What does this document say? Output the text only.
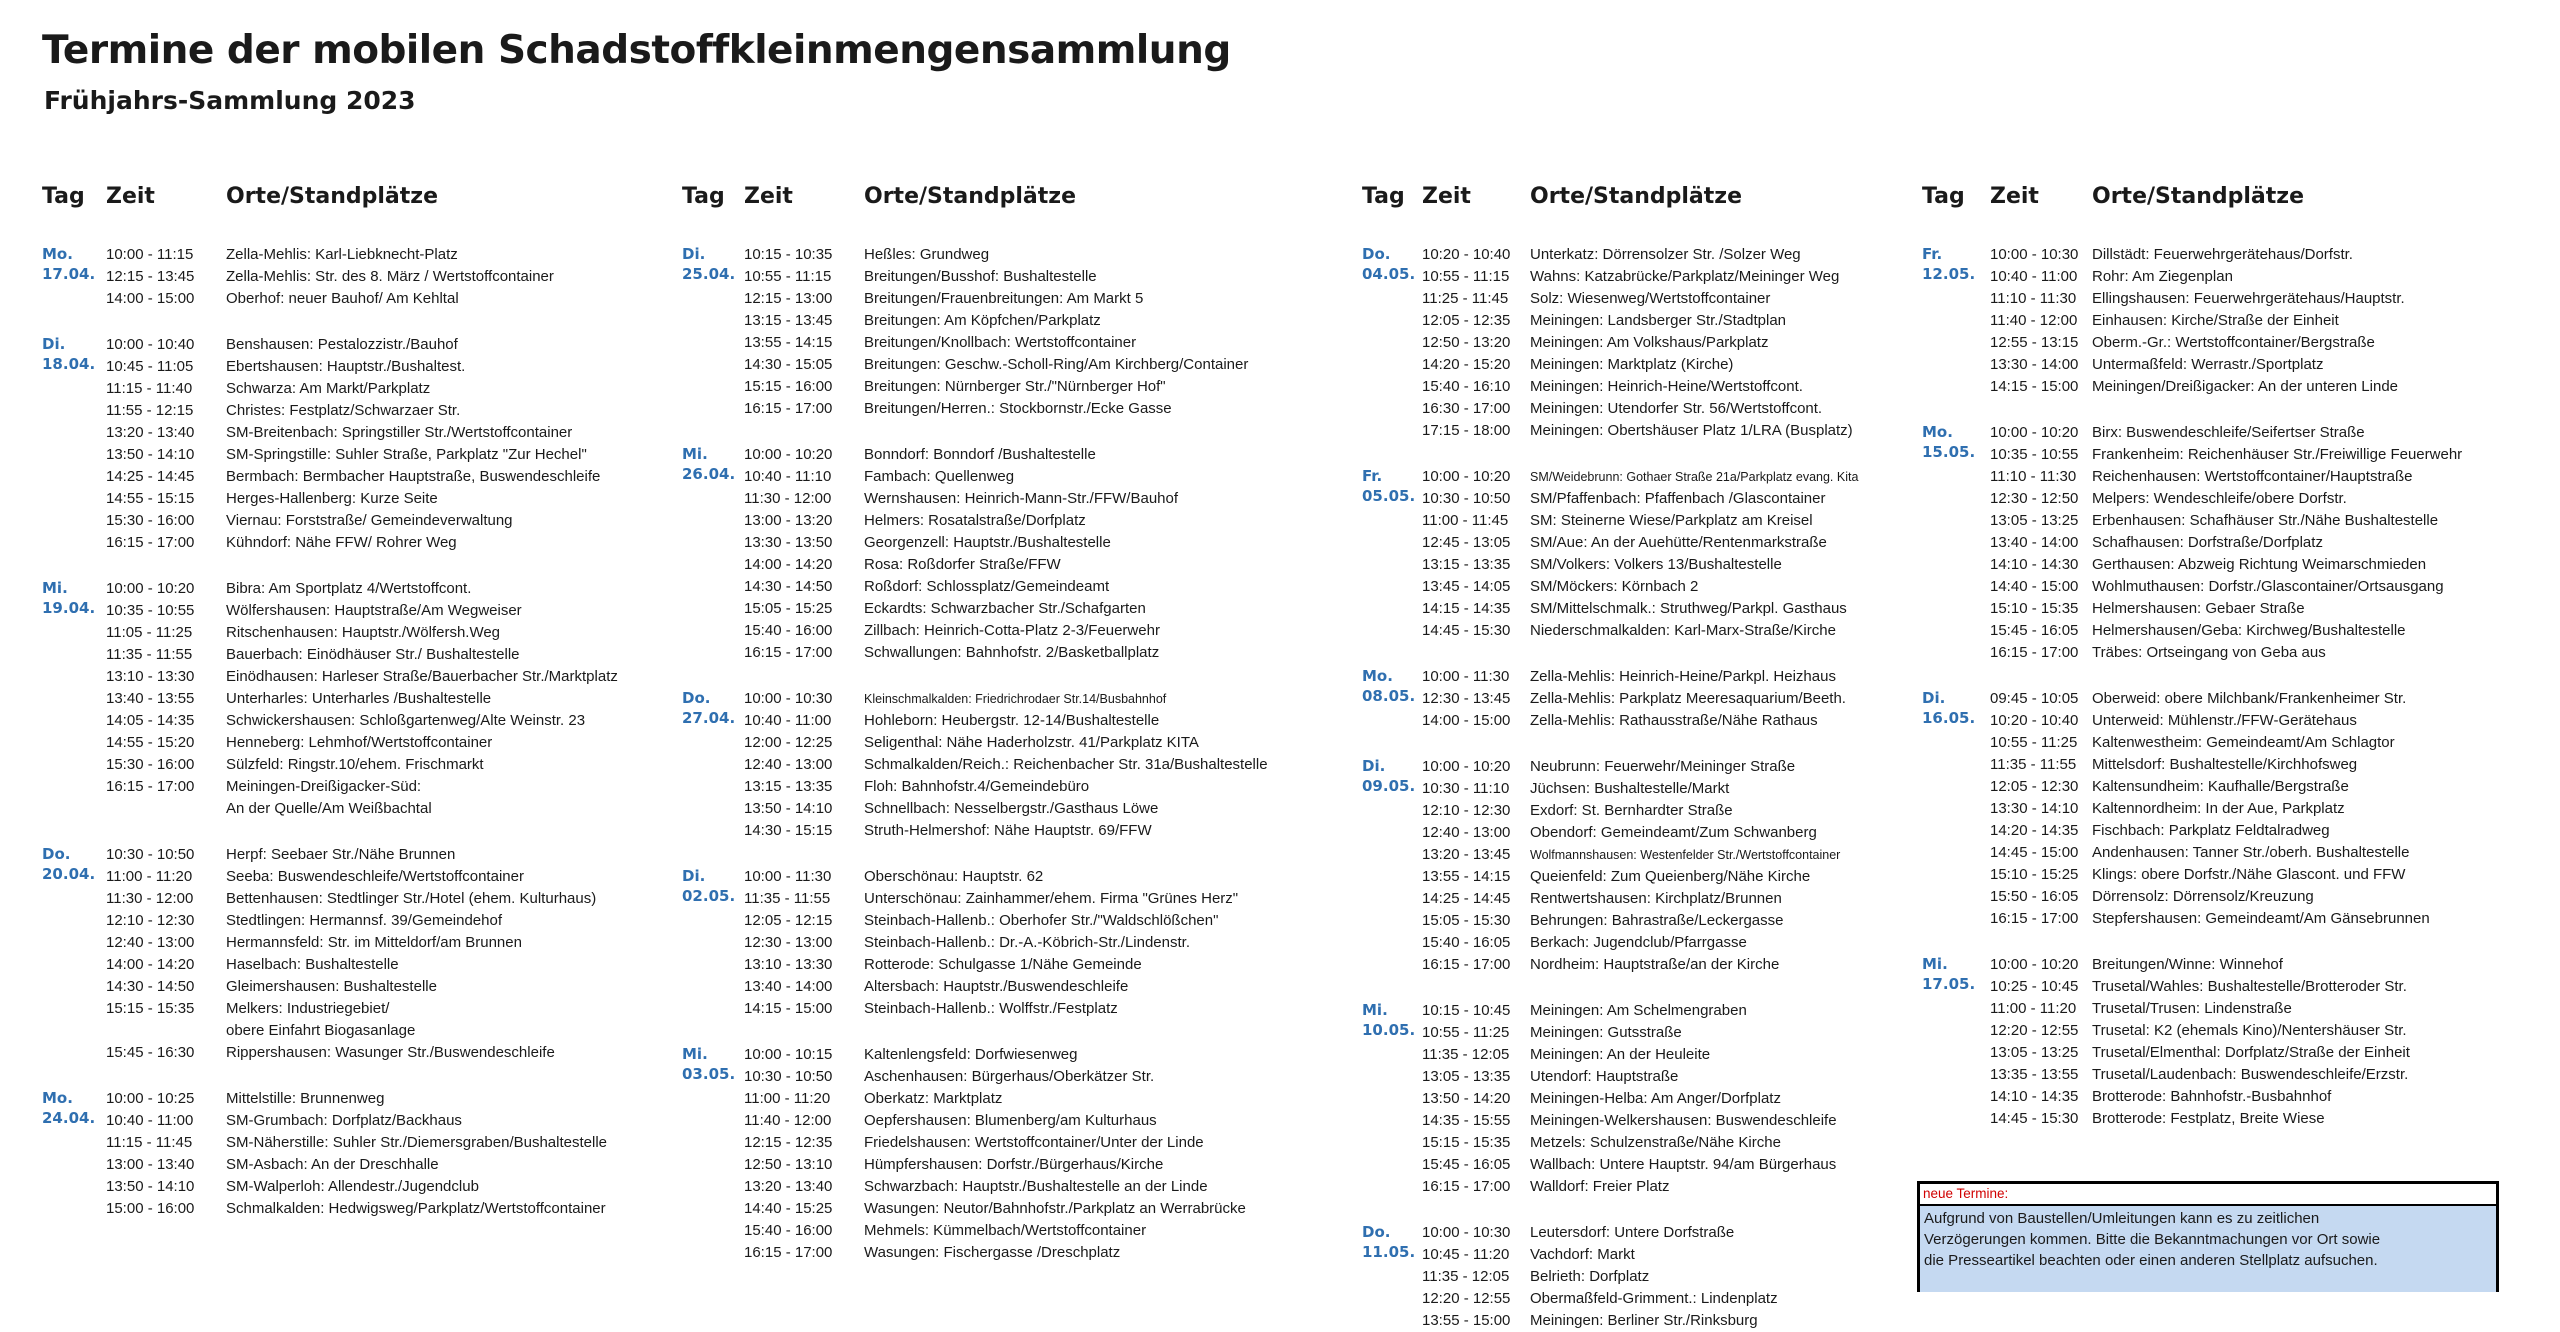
Termine der mobilen Schadstoffkleinmengensammlung
Frühjahrs-Sammlung 2023
Tag Zeit	Orte/Standplätze
Mo.
17.04.
10:00 - 11:15 Zella-Mehlis: Karl-Liebknecht-Platz
12:15 - 13:45 Zella-Mehlis: Str. des 8. März / Wertstoffcontainer
14:00 - 15:00 Oberhof: neuer Bauhof/ Am Kehltal
Di.
18.04.
10:00 - 10:40 Benshausen: Pestalozzistr./Bauhof
10:45 - 11:05 Ebertshausen: Hauptstr./Bushaltest.
11:15 - 11:40 Schwarza: Am Markt/Parkplatz
11:55 - 12:15 Christes: Festplatz/Schwarzaer Str.
13:20 - 13:40 SM-Breitenbach: Springstiller Str./Wertstoffcontainer
13:50 - 14:10 SM-Springstille: Suhler Straße, Parkplatz "Zur Hechel"
14:25 - 14:45 Bermbach: Bermbacher Hauptstraße, Buswendeschleife
14:55 - 15:15 Herges-Hallenberg: Kurze Seite
15:30 - 16:00 Viernau: Forststraße/ Gemeindeverwaltung
16:15 - 17:00 Kühndorf: Nähe FFW/ Rohrer Weg
Mi.
19.04.
10:00 - 10:20 Bibra: Am Sportplatz 4/Wertstoffcont.
10:35 - 10:55 Wölfershausen: Hauptstraße/Am Wegweiser
11:05 - 11:25 Ritschenhausen: Hauptstr./Wölfersh.Weg
11:35 - 11:55 Bauerbach: Einödhäuser Str./ Bushaltestelle
13:10 - 13:30 Einödhausen: Harleser Straße/Bauerbacher Str./Marktplatz
13:40 - 13:55 Unterharles: Unterharles /Bushaltestelle
14:05 - 14:35 Schwickershausen: Schloßgartenweg/Alte Weinstr. 23
14:55 - 15:20 Henneberg: Lehmhof/Wertstoffcontainer
15:30 - 16:00 Sülzfeld: Ringstr.10/ehem. Frischmarkt
16:15 - 17:00 Meiningen-Dreißigacker-Süd:
An der Quelle/Am Weißbachtal
Do.
20.04.
10:30 - 10:50 Herpf: Seebaer Str./Nähe Brunnen
11:00 - 11:20 Seeba: Buswendeschleife/Wertstoffcontainer
11:30 - 12:00 Bettenhausen: Stedtlinger Str./Hotel (ehem. Kulturhaus)
12:10 - 12:30 Stedtlingen: Hermannsf. 39/Gemeindehof
12:40 - 13:00 Hermannsfeld: Str. im Mitteldorf/am Brunnen
14:00 - 14:20 Haselbach: Bushaltestelle
14:30 - 14:50 Gleimershausen: Bushaltestelle
15:15 - 15:35 Melkers: Industriegebiet/
obere Einfahrt Biogasanlage
15:45 - 16:30 Rippershausen: Wasunger Str./Buswendeschleife
Mo.
24.04.
10:00 - 10:25 Mittelstille: Brunnenweg
10:40 - 11:00 SM-Grumbach: Dorfplatz/Backhaus
11:15 - 11:45 SM-Näherstille: Suhler Str./Diemersgraben/Bushaltestelle
13:00 - 13:40 SM-Asbach: An der Dreschhalle
13:50 - 14:10 SM-Walperloh: Allendestr./Jugendclub
15:00 - 16:00 Schmalkalden: Hedwigsweg/Parkplatz/Wertstoffcontainer
Tag Zeit	Orte/Standplätze
Di.
25.04.
10:15 - 10:35 Heßles: Grundweg
10:55 - 11:15 Breitungen/Busshof: Bushaltestelle
12:15 - 13:00 Breitungen/Frauenbreitungen: Am Markt 5
13:15 - 13:45 Breitungen: Am Köpfchen/Parkplatz
13:55 - 14:15 Breitungen/Knollbach: Wertstoffcontainer
14:30 - 15:05 Breitungen: Geschw.-Scholl-Ring/Am Kirchberg/Container
15:15 - 16:00 Breitungen: Nürnberger Str./"Nürnberger Hof"
16:15 - 17:00 Breitungen/Herren.: Stockbornstr./Ecke Gasse
Mi.
26.04.
10:00 - 10:20 Bonndorf: Bonndorf /Bushaltestelle
10:40 - 11:10 Fambach: Quellenweg
11:30 - 12:00 Wernshausen: Heinrich-Mann-Str./FFW/Bauhof
13:00 - 13:20 Helmers: Rosatalstraße/Dorfplatz
13:30 - 13:50 Georgenzell: Hauptstr./Bushaltestelle
14:00 - 14:20 Rosa: Roßdorfer Straße/FFW
14:30 - 14:50 Roßdorf: Schlossplatz/Gemeindeamt
15:05 - 15:25 Eckardts: Schwarzbacher Str./Schafgarten
15:40 - 16:00 Zillbach: Heinrich-Cotta-Platz 2-3/Feuerwehr
16:15 - 17:00 Schwallungen: Bahnhofstr. 2/Basketballplatz
Do.
27.04.
10:00 - 10:30	Kleinschmalkalden: Friedrichrodaer Str.14/Busbahnhof
10:40 - 11:00 Hohleborn: Heubergstr. 12-14/Bushaltestelle
12:00 - 12:25 Seligenthal: Nähe Haderholzstr. 41/Parkplatz KITA
12:40 - 13:00 Schmalkalden/Reich.: Reichenbacher Str. 31a/Bushaltestelle
13:15 - 13:35 Floh: Bahnhofstr.4/Gemeindebüro
13:50 - 14:10 Schnellbach: Nesselbergstr./Gasthaus Löwe
14:30 - 15:15 Struth-Helmershof: Nähe Hauptstr. 69/FFW
Di.
02.05.
10:00 - 11:30 Oberschönau: Hauptstr. 62
11:35 - 11:55 Unterschönau: Zainhammer/ehem. Firma "Grünes Herz"
12:05 - 12:15 Steinbach-Hallenb.: Oberhofer Str./"Waldschlößchen"
12:30 - 13:00 Steinbach-Hallenb.: Dr.-A.-Köbrich-Str./Lindenstr.
13:10 - 13:30 Rotterode: Schulgasse 1/Nähe Gemeinde
13:40 - 14:00 Altersbach: Hauptstr./Buswendeschleife
14:15 - 15:00 Steinbach-Hallenb.: Wolffstr./Festplatz
Mi.
03.05.
10:00 - 10:15 Kaltenlengsfeld: Dorfwiesenweg
10:30 - 10:50 Aschenhausen: Bürgerhaus/Oberkätzer Str.
11:00 - 11:20 Oberkatz: Marktplatz
11:40 - 12:00 Oepfershausen: Blumenberg/am Kulturhaus
12:15 - 12:35 Friedelshausen: Wertstoffcontainer/Unter der Linde
12:50 - 13:10 Hümpfershausen: Dorfstr./Bürgerhaus/Kirche
13:20 - 13:40 Schwarzbach: Hauptstr./Bushaltestelle an der Linde
14:40 - 15:25 Wasungen: Neutor/Bahnhofstr./Parkplatz an Werrabrücke
15:40 - 16:00 Mehmels: Kümmelbach/Wertstoffcontainer
16:15 - 17:00 Wasungen: Fischergasse /Dreschplatz
Tag Zeit	Orte/Standplätze
Do.
04.05.
10:20 - 10:40 Unterkatz: Dörrensolzer Str. /Solzer Weg
10:55 - 11:15 Wahns: Katzabrücke/Parkplatz/Meininger Weg
11:25 - 11:45 Solz: Wiesenweg/Wertstoffcontainer
12:05 - 12:35 Meiningen: Landsberger Str./Stadtplan
12:50 - 13:20 Meiningen: Am Volkshaus/Parkplatz
14:20 - 15:20 Meiningen: Marktplatz (Kirche)
15:40 - 16:10 Meiningen: Heinrich-Heine/Wertstoffcont.
16:30 - 17:00 Meiningen: Utendorfer Str. 56/Wertstoffcont.
17:15 - 18:00 Meiningen: Obertshäuser Platz 1/LRA (Busplatz)
Fr.
05.05.
10:00 - 10:20 SM/Weidebrunn: Gothaer Straße 21a/Parkplatz evang. Kita
10:30 - 10:50 SM/Pfaffenbach: Pfaffenbach /Glascontainer
11:00 - 11:45 SM: Steinerne Wiese/Parkplatz am Kreisel
12:45 - 13:05 SM/Aue: An der Auehütte/Rentenmarkstraße
13:15 - 13:35 SM/Volkers: Volkers 13/Bushaltestelle
13:45 - 14:05 SM/Möckers: Körnbach 2
14:15 - 14:35 SM/Mittelschmalk.: Struthweg/Parkpl. Gasthaus
14:45 - 15:30 Niederschmalkalden: Karl-Marx-Straße/Kirche
Mo.
08.05.
10:00 - 11:30 Zella-Mehlis: Heinrich-Heine/Parkpl. Heizhaus
12:30 - 13:45 Zella-Mehlis: Parkplatz Meeresaquarium/Beeth.
14:00 - 15:00 Zella-Mehlis: Rathausstraße/Nähe Rathaus
Di.
09.05.
10:00 - 10:20 Neubrunn: Feuerwehr/Meininger Straße
10:30 - 11:10 Jüchsen: Bushaltestelle/Markt
12:10 - 12:30 Exdorf: St. Bernhardter Straße
12:40 - 13:00 Obendorf: Gemeindeamt/Zum Schwanberg
13:20 - 13:45 Wolfmannshausen: Westenfelder Str./Wertstoffcontainer
13:55 - 14:15 Queienfeld: Zum Queienberg/Nähe Kirche
14:25 - 14:45 Rentwertshausen: Kirchplatz/Brunnen
15:05 - 15:30 Behrungen: Bahrastraße/Leckergasse
15:40 - 16:05 Berkach: Jugendclub/Pfarrgasse
16:15 - 17:00 Nordheim: Hauptstraße/an der Kirche
Mi.
10.05.
10:15 - 10:45 Meiningen: Am Schelmengraben
10:55 - 11:25 Meiningen: Gutsstraße
11:35 - 12:05 Meiningen: An der Heuleite
13:05 - 13:35 Utendorf: Hauptstraße
13:50 - 14:20 Meiningen-Helba: Am Anger/Dorfplatz
14:35 - 15:55 Meiningen-Welkershausen: Buswendeschleife
15:15 - 15:35 Metzels: Schulzenstraße/Nähe Kirche
15:45 - 16:05 Wallbach: Untere Hauptstr. 94/am Bürgerhaus
16:15 - 17:00 Walldorf: Freier Platz
Do.
11.05.
10:00 - 10:30 Leutersdorf: Untere Dorfstraße
10:45 - 11:20 Vachdorf: Markt
11:35 - 12:05 Belrieth: Dorfplatz
12:20 - 12:55 Obermaßfeld-Grimment.: Lindenplatz
13:55 - 15:00 Meiningen: Berliner Str./Rinksburg
Tag Zeit Orte/Standplätze
Fr.
12.05.
10:00 - 10:30 Dillstädt: Feuerwehrgerätehaus/Dorfstr.
10:40 - 11:00 Rohr: Am Ziegenplan
11:10 - 11:30 Ellingshausen: Feuerwehrgerätehaus/Hauptstr.
11:40 - 12:00 Einhausen: Kirche/Straße der Einheit
12:55 - 13:15 Oberm.-Gr.: Wertstoffcontainer/Bergstraße
13:30 - 14:00 Untermaßfeld: Werrastr./Sportplatz
14:15 - 15:00 Meiningen/Dreißigacker: An der unteren Linde
Mo.
15.05.
10:00 - 10:20 Birx: Buswendeschleife/Seifertser Straße
10:35 - 10:55 Frankenheim: Reichenhäuser Str./Freiwillige Feuerwehr
11:10 - 11:30 Reichenhausen: Wertstoffcontainer/Hauptstraße
12:30 - 12:50 Melpers: Wendeschleife/obere Dorfstr.
13:05 - 13:25 Erbenhausen: Schafhäuser Str./Nähe Bushaltestelle
13:40 - 14:00 Schafhausen: Dorfstraße/Dorfplatz
14:10 - 14:30 Gerthausen: Abzweig Richtung Weimarschmieden
14:40 - 15:00 Wohlmuthausen: Dorfstr./Glascontainer/Ortsausgang
15:10 - 15:35 Helmershausen: Gebaer Straße
15:45 - 16:05 Helmershausen/Geba: Kirchweg/Bushaltestelle
16:15 - 17:00 Träbes: Ortseingang von Geba aus
Di.
16.05.
09:45 - 10:05 Oberweid: obere Milchbank/Frankenheimer Str.
10:20 - 10:40 Unterweid: Mühlenstr./FFW-Gerätehaus
10:55 - 11:25 Kaltenwestheim: Gemeindeamt/Am Schlagtor
11:35 - 11:55 Mittelsdorf: Bushaltestelle/Kirchhofsweg
12:05 - 12:30 Kaltensundheim: Kaufhalle/Bergstraße
13:30 - 14:10 Kaltennordheim: In der Aue, Parkplatz
14:20 - 14:35 Fischbach: Parkplatz Feldtalradweg
14:45 - 15:00 Andenhausen: Tanner Str./oberh. Bushaltestelle
15:10 - 15:25 Klings: obere Dorfstr./Nähe Glascont. und FFW
15:50 - 16:05 Dörrensolz: Dörrensolz/Kreuzung
16:15 - 17:00 Stepfershausen: Gemeindeamt/Am Gänsebrunnen
Mi.
17.05.
10:00 - 10:20 Breitungen/Winne: Winnehof
10:25 - 10:45 Trusetal/Wahles: Bushaltestelle/Brotteroder Str.
11:00 - 11:20 Trusetal/Trusen: Lindenstraße
12:20 - 12:55 Trusetal: K2 (ehemals Kino)/Nentershäuser Str.
13:05 - 13:25 Trusetal/Elmenthal: Dorfplatz/Straße der Einheit
13:35 - 13:55 Trusetal/Laudenbach: Buswendeschleife/Erzstr.
14:10 - 14:35 Brotterode: Bahnhofstr.-Busbahnhof
14:45 - 15:30 Brotterode: Festplatz, Breite Wiese
neue Termine:
Aufgrund von Baustellen/Umleitungen kann es zu zeitlichen
Verzögerungen kommen. Bitte die Bekanntmachungen vor Ort sowie
die Presseartikel beachten oder einen anderen Stellplatz aufsuchen.
